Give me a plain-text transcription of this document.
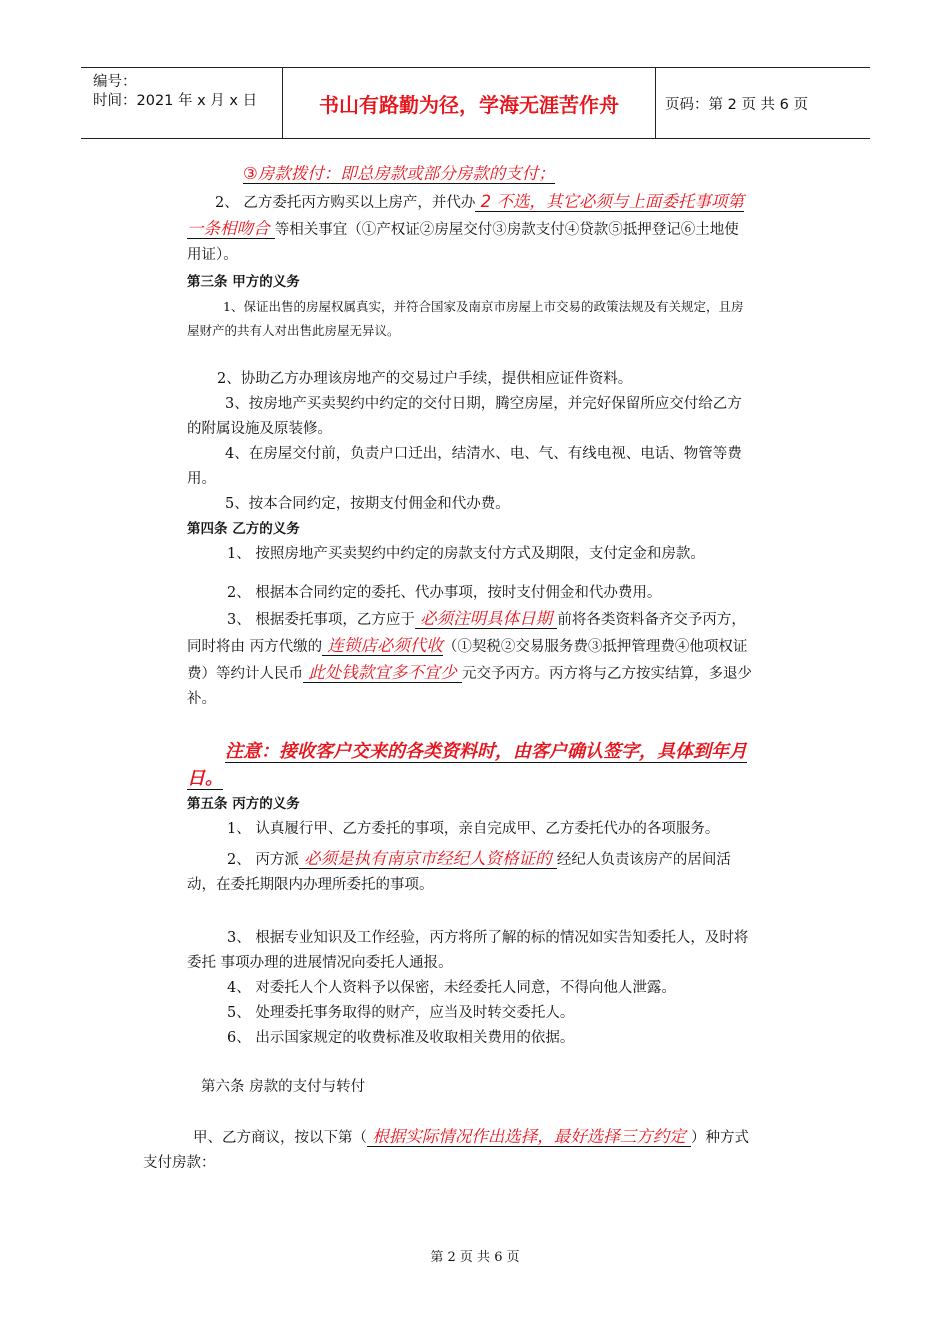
编号：
时间：2021 年 x 月 x 日	书山有路勤为径，学海无涯苦作舟	页码：第 2 页 共 6 页

③房款拨付：即总房款或部分房款的支付；

2、 乙方委托丙方购买以上房产，并代办 2 不选，其它必须与上面委托事项第一条相吻合 等相关事宜（①产权证②房屋交付③房款支付④贷款⑤抵押登记⑥土地使用证）。

第三条 甲方的义务

1、保证出售的房屋权属真实，并符合国家及南京市房屋上市交易的政策法规及有关规定，且房屋财产的共有人对出售此房屋无异议。

2、协助乙方办理该房地产的交易过户手续，提供相应证件资料。

3、按房地产买卖契约中约定的交付日期，腾空房屋，并完好保留所应交付给乙方的附属设施及原装修。

4、在房屋交付前，负责户口迁出，结清水、电、气、有线电视、电话、物管等费用。

5、按本合同约定，按期支付佣金和代办费。

第四条 乙方的义务

1、 按照房地产买卖契约中约定的房款支付方式及期限，支付定金和房款。

2、 根据本合同约定的委托、代办事项，按时支付佣金和代办费用。

3、 根据委托事项，乙方应于 必须注明具体日期 前将各类资料备齐交予丙方，同时将由 丙方代缴的 连锁店必须代收（①契税②交易服务费③抵押管理费④他项权证费）等约计人民币 此处钱款宜多不宜少 元交予丙方。丙方将与乙方按实结算，多退少补。

注意：接收客户交来的各类资料时，由客户确认签字，具体到年月日。

第五条 丙方的义务

1、 认真履行甲、乙方委托的事项，亲自完成甲、乙方委托代办的各项服务。

2、 丙方派 必须是执有南京市经纪人资格证的 经纪人负责该房产的居间活动，在委托期限内办理所委托的事项。

3、 根据专业知识及工作经验，丙方将所了解的标的情况如实告知委托人，及时将委托 事项办理的进展情况向委托人通报。

4、 对委托人个人资料予以保密，未经委托人同意，不得向他人泄露。

5、 处理委托事务取得的财产，应当及时转交委托人。

6、 出示国家规定的收费标准及收取相关费用的依据。

第六条 房款的支付与转付

甲、乙方商议，按以下第（ 根据实际情况作出选择，最好选择三方约定 ）种方式支付房款：

第 2 页 共 6 页
